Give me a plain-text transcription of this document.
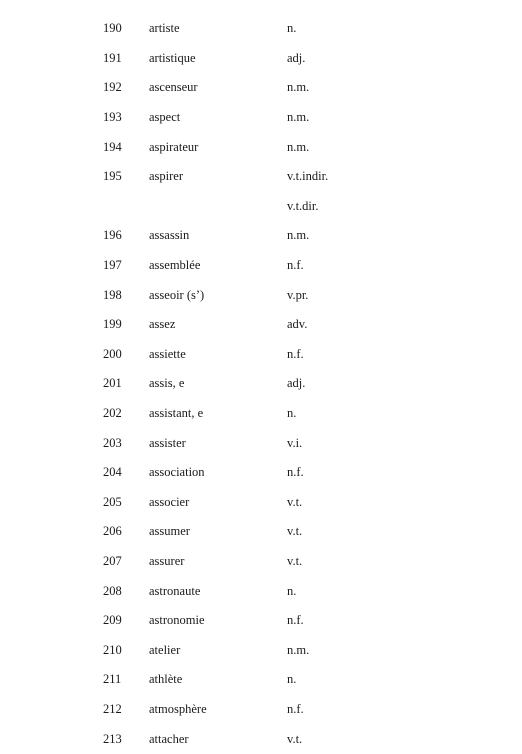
190	artiste	n.
191	artistique	adj.
192	ascenseur	n.m.
193	aspect	n.m.
194	aspirateur	n.m.
195	aspirer	v.t.indir.
v.t.dir.
196	assassin	n.m.
197	assemblée	n.f.
198	asseoir (s’)	v.pr.
199	assez	adv.
200	assiette	n.f.
201	assis, e	adj.
202	assistant, e	n.
203	assister	v.i.
204	association	n.f.
205	associer	v.t.
206	assumer	v.t.
207	assurer	v.t.
208	astronaute	n.
209	astronomie	n.f.
210	atelier	n.m.
211	athlète	n.
212	atmosphère	n.f.
213	attacher	v.t.
